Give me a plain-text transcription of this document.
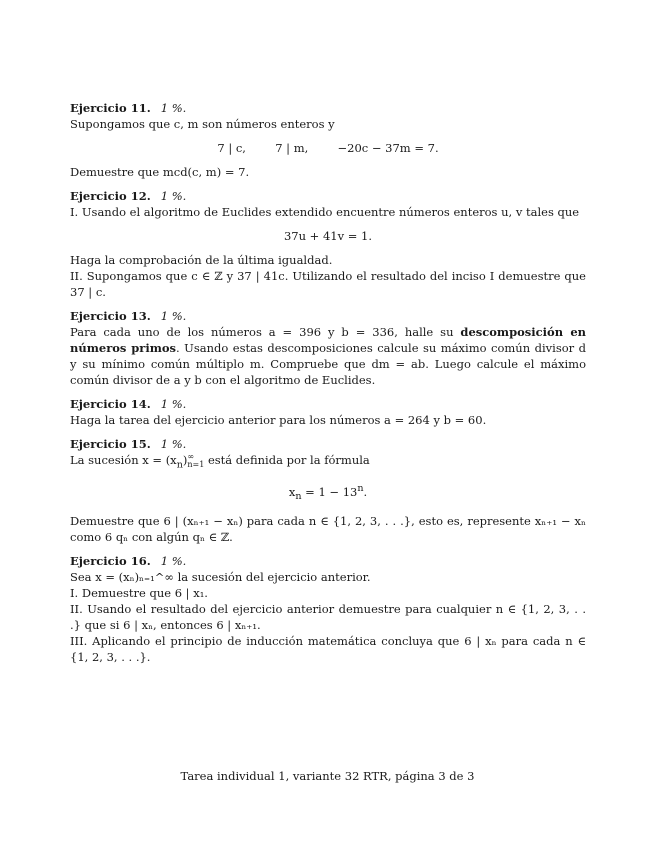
Ejercicio 11. 1 %.

Supongamos que c, m son números enteros y

7 | c,        7 | m,        −20c − 37m = 7.

Demuestre que mcd(c, m) = 7.

Ejercicio 12. 1 %.

I. Usando el algoritmo de Euclides extendido encuentre números enteros u, v tales que

37u + 41v = 1.

Haga la comprobación de la última igualdad.

II. Supongamos que c ∈ ℤ y 37 | 41c. Utilizando el resultado del inciso I demuestre que 37 | c.

Ejercicio 13. 1 %.

Para cada uno de los números a = 396 y b = 336, halle su descomposición en números primos. Usando estas descomposiciones calcule su máximo común divisor d y su mínimo común múltiplo m. Compruebe que dm = ab. Luego calcule el máximo común divisor de a y b con el algoritmo de Euclides.

Ejercicio 14. 1 %.

Haga la tarea del ejercicio anterior para los números a = 264 y b = 60.

Ejercicio 15. 1 %.

La sucesión $x = (x_n)$ ∞
n=1 está definida por la fórmula

$x_n = 1 - 13^n$.

Demuestre que 6 | (xₙ₊₁ − xₙ) para cada n ∈ {1, 2, 3, . . .}, esto es, represente xₙ₊₁ − xₙ como 6 qₙ con algún qₙ ∈ ℤ.

Ejercicio 16. 1 %.

Sea x = (xₙ)ₙ₌₁^∞ la sucesión del ejercicio anterior.

I. Demuestre que 6 | x₁.

II. Usando el resultado del ejercicio anterior demuestre para cualquier n ∈ {1, 2, 3, . . .} que si 6 | xₙ, entonces 6 | xₙ₊₁.

III. Aplicando el principio de inducción matemática concluya que 6 | xₙ para cada n ∈ {1, 2, 3, . . .}.

Tarea individual 1, variante 32 RTR, página 3 de 3
